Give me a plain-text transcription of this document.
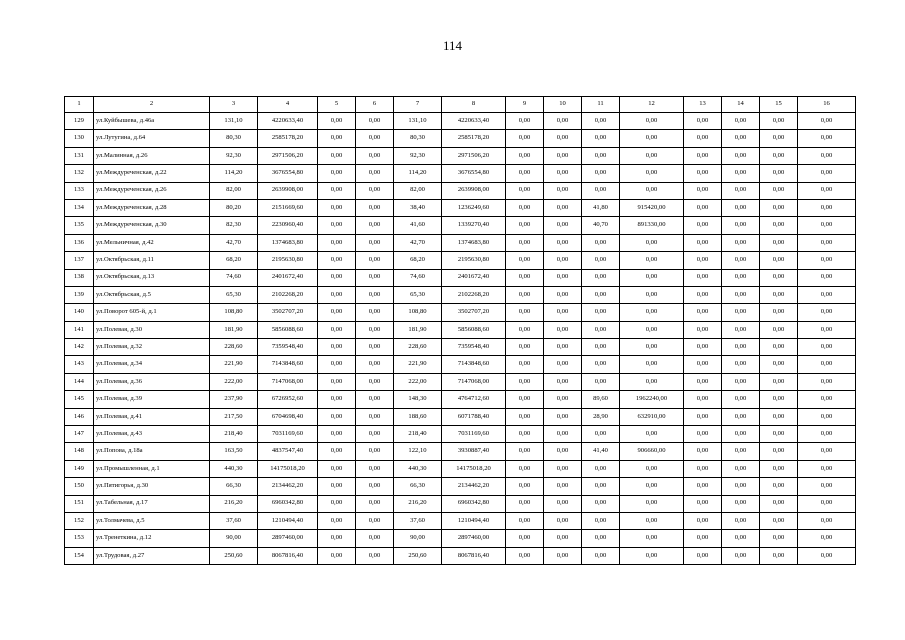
114
1	2	3	4	5	6	7	8	9	10	11	12	13	14	15	16
129	ул.Куйбышева, д.46а	131,10	4220633,40	0,00	0,00	131,10	4220633,40	0,00	0,00	0,00	0,00	0,00	0,00	0,00	0,00
130	ул.Лутугина, д.64	80,30	2585178,20	0,00	0,00	80,30	2585178,20	0,00	0,00	0,00	0,00	0,00	0,00	0,00	0,00
131	ул.Малинная, д.26	92,30	2971506,20	0,00	0,00	92,30	2971506,20	0,00	0,00	0,00	0,00	0,00	0,00	0,00	0,00
132	ул.Междуреченская, д.22	114,20	3676554,80	0,00	0,00	114,20	3676554,80	0,00	0,00	0,00	0,00	0,00	0,00	0,00	0,00
133	ул.Междуреченская, д.26	82,00	2639908,00	0,00	0,00	82,00	2639908,00	0,00	0,00	0,00	0,00	0,00	0,00	0,00	0,00
134	ул.Междуреченская, д.28	80,20	2151669,60	0,00	0,00	38,40	1236249,60	0,00	0,00	41,80	915420,00	0,00	0,00	0,00	0,00
135	ул.Междуреченская, д.30	82,30	2230960,40	0,00	0,00	41,60	1339270,40	0,00	0,00	40,70	891330,00	0,00	0,00	0,00	0,00
136	ул.Мельничная, д.42	42,70	1374683,80	0,00	0,00	42,70	1374683,80	0,00	0,00	0,00	0,00	0,00	0,00	0,00	0,00
137	ул.Октябрьская, д.11	68,20	2195630,80	0,00	0,00	68,20	2195630,80	0,00	0,00	0,00	0,00	0,00	0,00	0,00	0,00
138	ул.Октябрьская, д.13	74,60	2401672,40	0,00	0,00	74,60	2401672,40	0,00	0,00	0,00	0,00	0,00	0,00	0,00	0,00
139	ул.Октябрьская, д.5	65,30	2102268,20	0,00	0,00	65,30	2102268,20	0,00	0,00	0,00	0,00	0,00	0,00	0,00	0,00
140	ул.Поворот 605-й, д.1	108,80	3502707,20	0,00	0,00	108,80	3502707,20	0,00	0,00	0,00	0,00	0,00	0,00	0,00	0,00
141	ул.Полевая, д.30	181,90	5856088,60	0,00	0,00	181,90	5856088,60	0,00	0,00	0,00	0,00	0,00	0,00	0,00	0,00
142	ул.Полевая, д.32	228,60	7359548,40	0,00	0,00	228,60	7359548,40	0,00	0,00	0,00	0,00	0,00	0,00	0,00	0,00
143	ул.Полевая, д.34	221,90	7143848,60	0,00	0,00	221,90	7143848,60	0,00	0,00	0,00	0,00	0,00	0,00	0,00	0,00
144	ул.Полевая, д.36	222,00	7147068,00	0,00	0,00	222,00	7147068,00	0,00	0,00	0,00	0,00	0,00	0,00	0,00	0,00
145	ул.Полевая, д.39	237,90	6726952,60	0,00	0,00	148,30	4764712,60	0,00	0,00	89,60	1962240,00	0,00	0,00	0,00	0,00
146	ул.Полевая, д.41	217,50	6704698,40	0,00	0,00	188,60	6071788,40	0,00	0,00	28,90	632910,00	0,00	0,00	0,00	0,00
147	ул.Полевая, д.43	218,40	7031169,60	0,00	0,00	218,40	7031169,60	0,00	0,00	0,00	0,00	0,00	0,00	0,00	0,00
148	ул.Попова, д.18а	163,50	4837547,40	0,00	0,00	122,10	3930887,40	0,00	0,00	41,40	906660,00	0,00	0,00	0,00	0,00
149	ул.Промышленная, д.1	440,30	14175018,20	0,00	0,00	440,30	14175018,20	0,00	0,00	0,00	0,00	0,00	0,00	0,00	0,00
150	ул.Пятигорья, д.30	66,30	2134462,20	0,00	0,00	66,30	2134462,20	0,00	0,00	0,00	0,00	0,00	0,00	0,00	0,00
151	ул.Табельная, д.17	216,20	6960342,80	0,00	0,00	216,20	6960342,80	0,00	0,00	0,00	0,00	0,00	0,00	0,00	0,00
152	ул.Толмачева, д.5	37,60	1210494,40	0,00	0,00	37,60	1210494,40	0,00	0,00	0,00	0,00	0,00	0,00	0,00	0,00
153	ул.Тренеткина, д.12	90,00	2897460,00	0,00	0,00	90,00	2897460,00	0,00	0,00	0,00	0,00	0,00	0,00	0,00	0,00
154	ул.Трудовая, д.27	250,60	8067816,40	0,00	0,00	250,60	8067816,40	0,00	0,00	0,00	0,00	0,00	0,00	0,00	0,00
